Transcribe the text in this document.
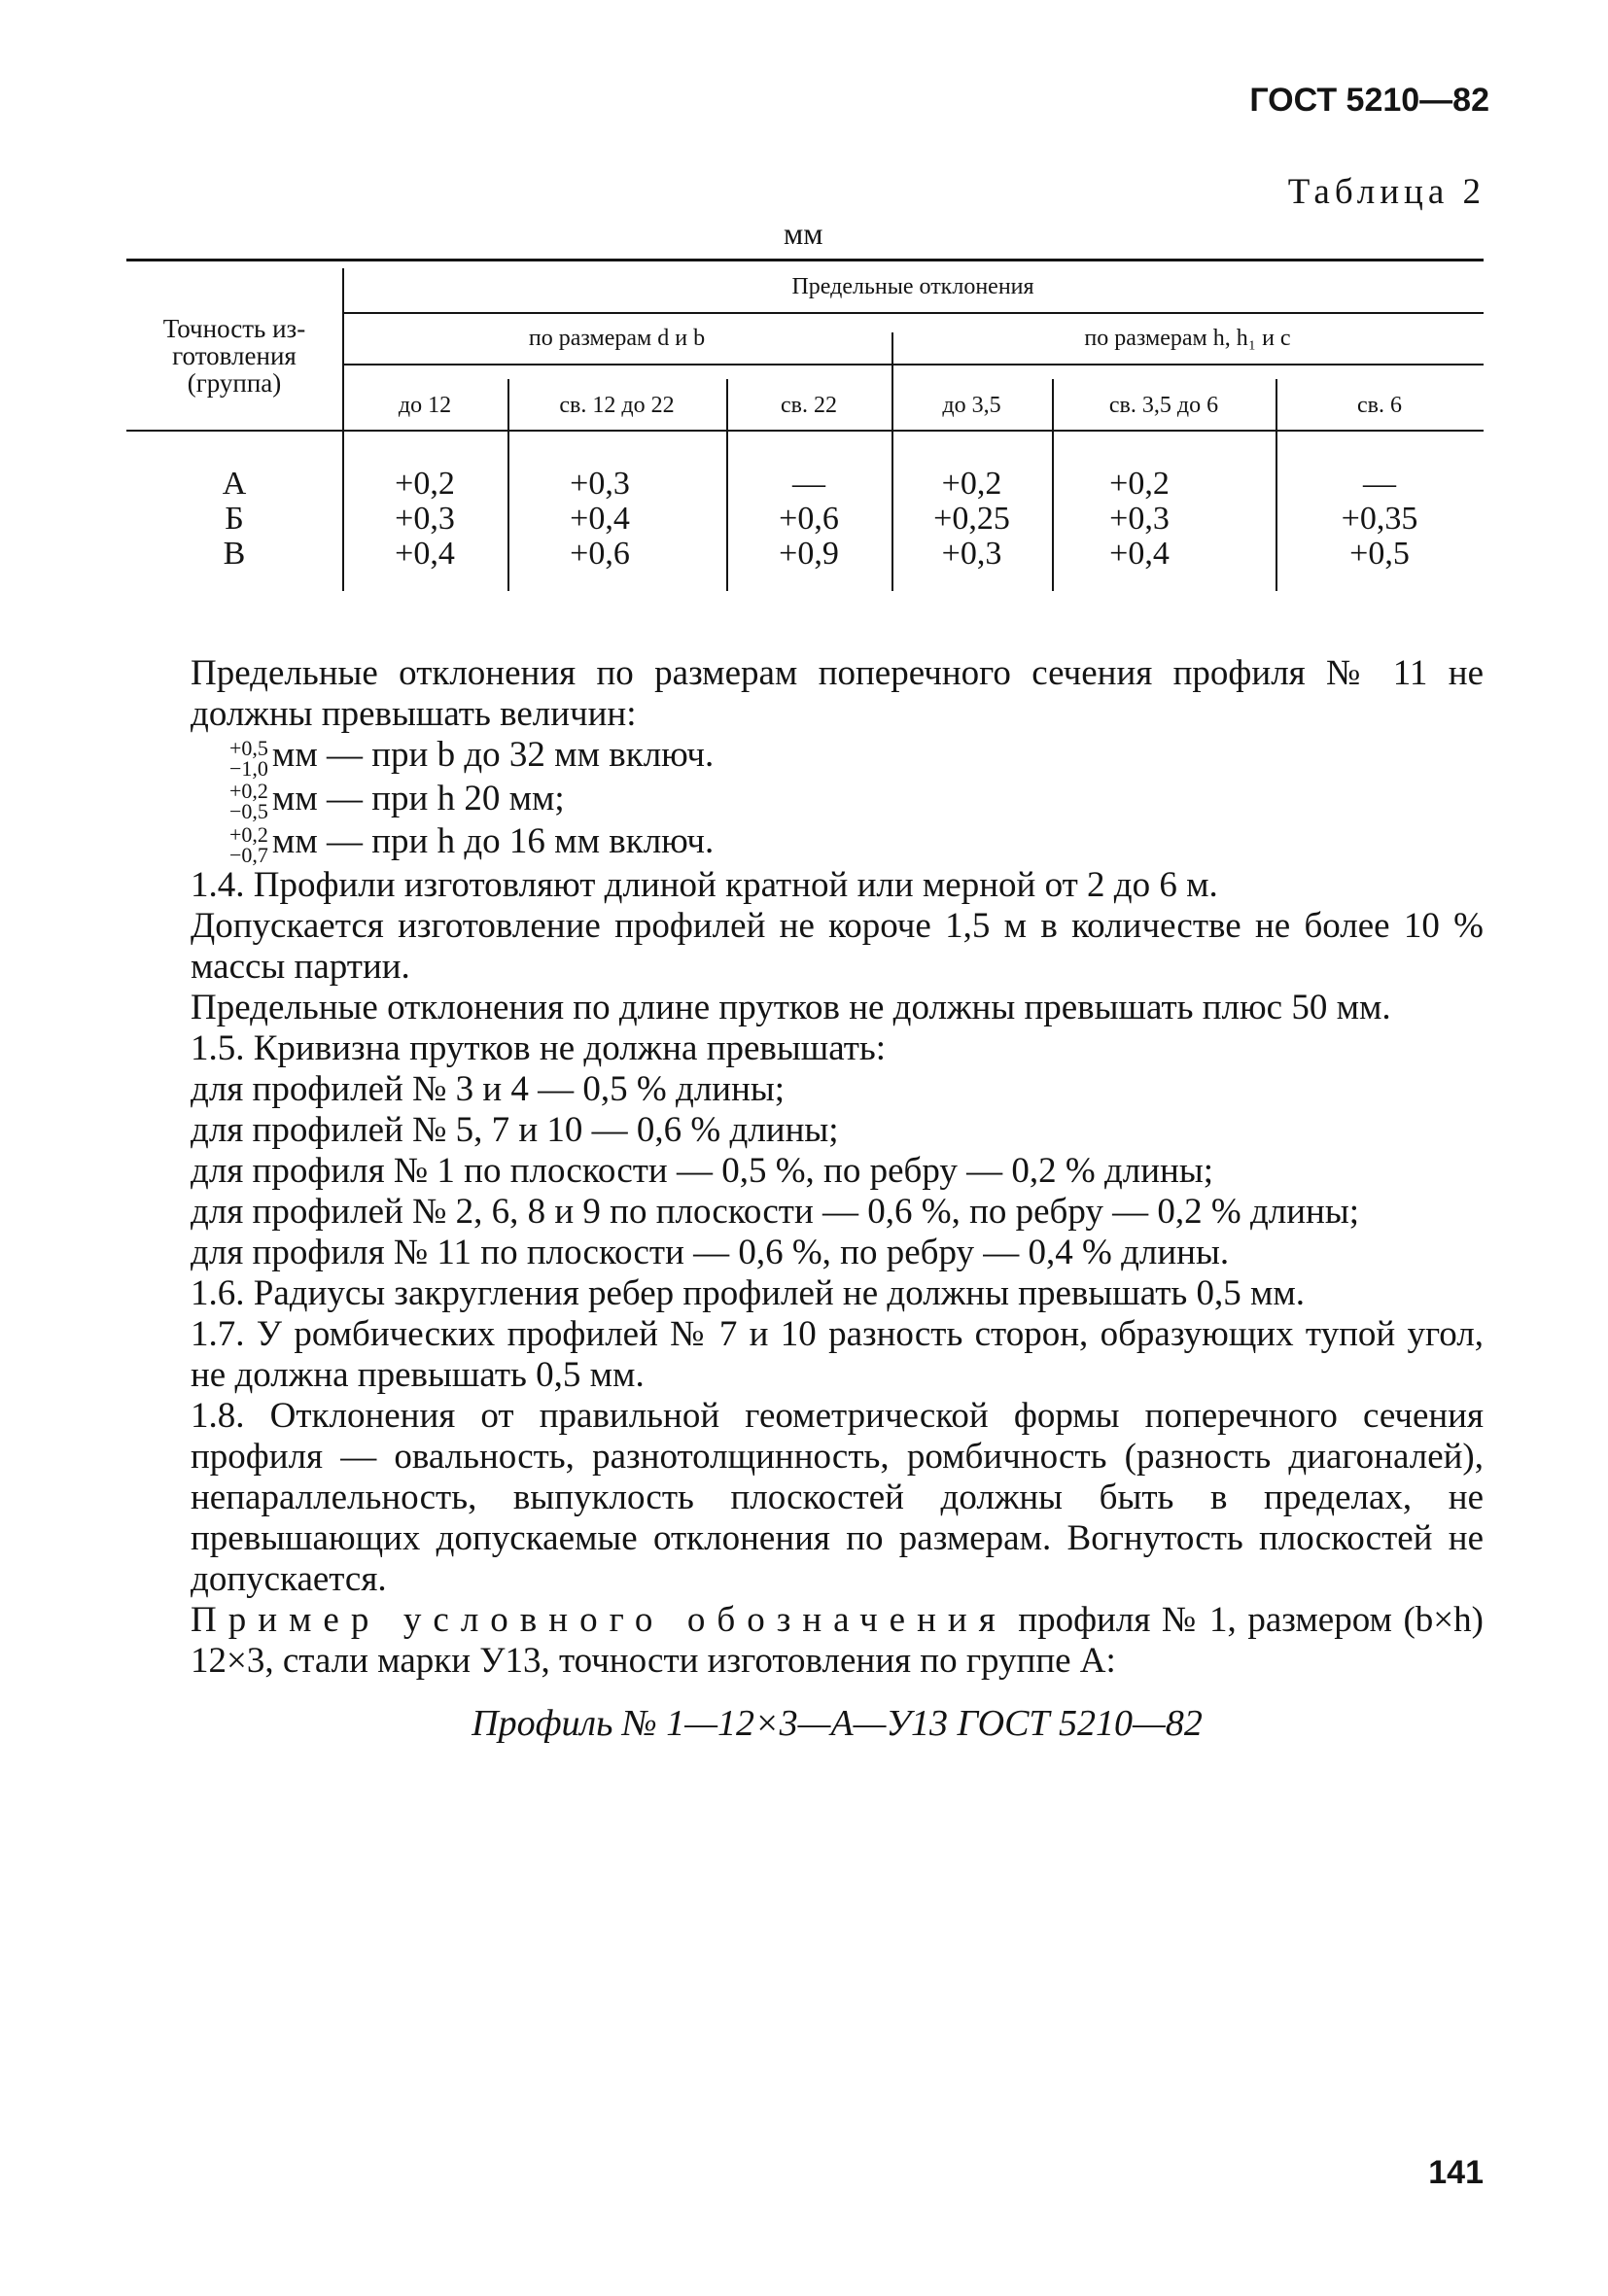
ГОСТ 5210—82
Таблица 2
мм
Точность из-
готовления
(группа)
Предельные отклонения
по размерам d и b	по размерам h, h₁ и c
до 12	св. 12 до 22	св. 22	до 3,5	св. 3,5 до 6	св. 6
А	+0,2	+0,3	—	+0,2	+0,2	—
Б	+0,3	+0,4	+0,6	+0,25	+0,3	+0,35
В	+0,4	+0,6	+0,9	+0,3	+0,4	+0,5

Предельные отклонения по размерам поперечного сечения профиля № 11 не должны превышать величин:

+0,5
−1,0 мм — при b до 32 мм включ.
+0,2
−0,5 мм — при h 20 мм;
+0,2
−0,7 мм — при h до 16 мм включ.

1.4. Профили изготовляют длиной кратной или мерной от 2 до 6 м.

Допускается изготовление профилей не короче 1,5 м в количестве не более 10 % массы партии.

Предельные отклонения по длине прутков не должны превышать плюс 50 мм.

1.5. Кривизна прутков не должна превышать:

для профилей № 3 и 4 — 0,5 % длины;

для профилей № 5, 7 и 10 — 0,6 % длины;

для профиля № 1 по плоскости — 0,5 %, по ребру — 0,2 % длины;

для профилей № 2, 6, 8 и 9 по плоскости — 0,6 %, по ребру — 0,2 % длины;

для профиля № 11 по плоскости — 0,6 %, по ребру — 0,4 % длины.

1.6. Радиусы закругления ребер профилей не должны превышать 0,5 мм.

1.7. У ромбических профилей № 7 и 10 разность сторон, образующих тупой угол, не должна превышать 0,5 мм.

1.8. Отклонения от правильной геометрической формы поперечного сечения профиля — овальность, разнотолщинность, ромбичность (разность диагоналей), непараллельность, выпуклость плоскостей должны быть в пределах, не превышающих допускаемые отклонения по размерам. Вогнутость плоскостей не допускается.

Пример условного обозначения профиля № 1, размером (b×h) 12×3, стали марки У13, точности изготовления по группе А:

Профиль № 1—12×3—А—У13 ГОСТ 5210—82
141
